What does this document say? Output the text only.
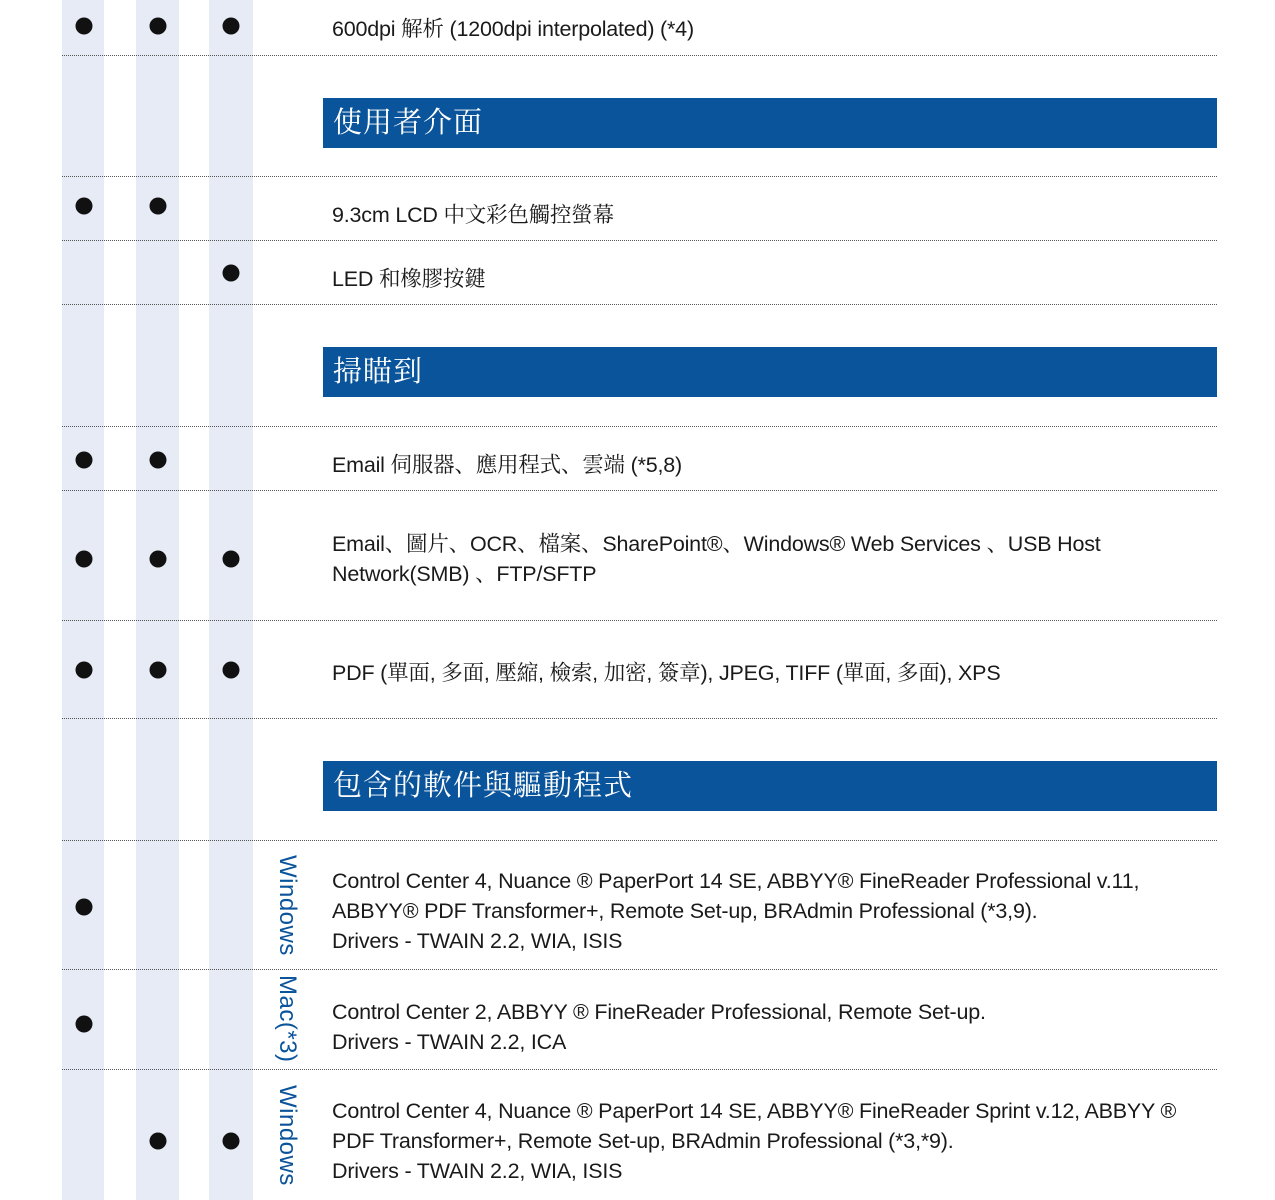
600dpi 解析 (1200dpi interpolated) (*4)
使用者介面
9.3cm LCD 中文彩色觸控螢幕
LED 和橡膠按鍵
掃瞄到
Email 伺服器、應用程式、雲端 (*5,8)
Email、圖片、OCR、檔案、SharePoint®、Windows® Web Services 、USB Host
Network(SMB) 、FTP/SFTP
PDF (單面, 多面, 壓縮, 檢索, 加密, 簽章), JPEG, TIFF (單面, 多面), XPS
包含的軟件與驅動程式
Windows
Mac(*3)
Windows
Control Center 4, Nuance ® PaperPort 14 SE, ABBYY® FineReader Professional v.11,
ABBYY® PDF Transformer+, Remote Set-up, BRAdmin Professional (*3,9).
Drivers - TWAIN 2.2, WIA, ISIS
Control Center 2, ABBYY ® FineReader Professional, Remote Set-up.
Drivers - TWAIN 2.2, ICA
Control Center 4, Nuance ® PaperPort 14 SE, ABBYY® FineReader Sprint v.12, ABBYY ®
PDF Transformer+, Remote Set-up, BRAdmin Professional (*3,*9).
Drivers - TWAIN 2.2, WIA, ISIS
